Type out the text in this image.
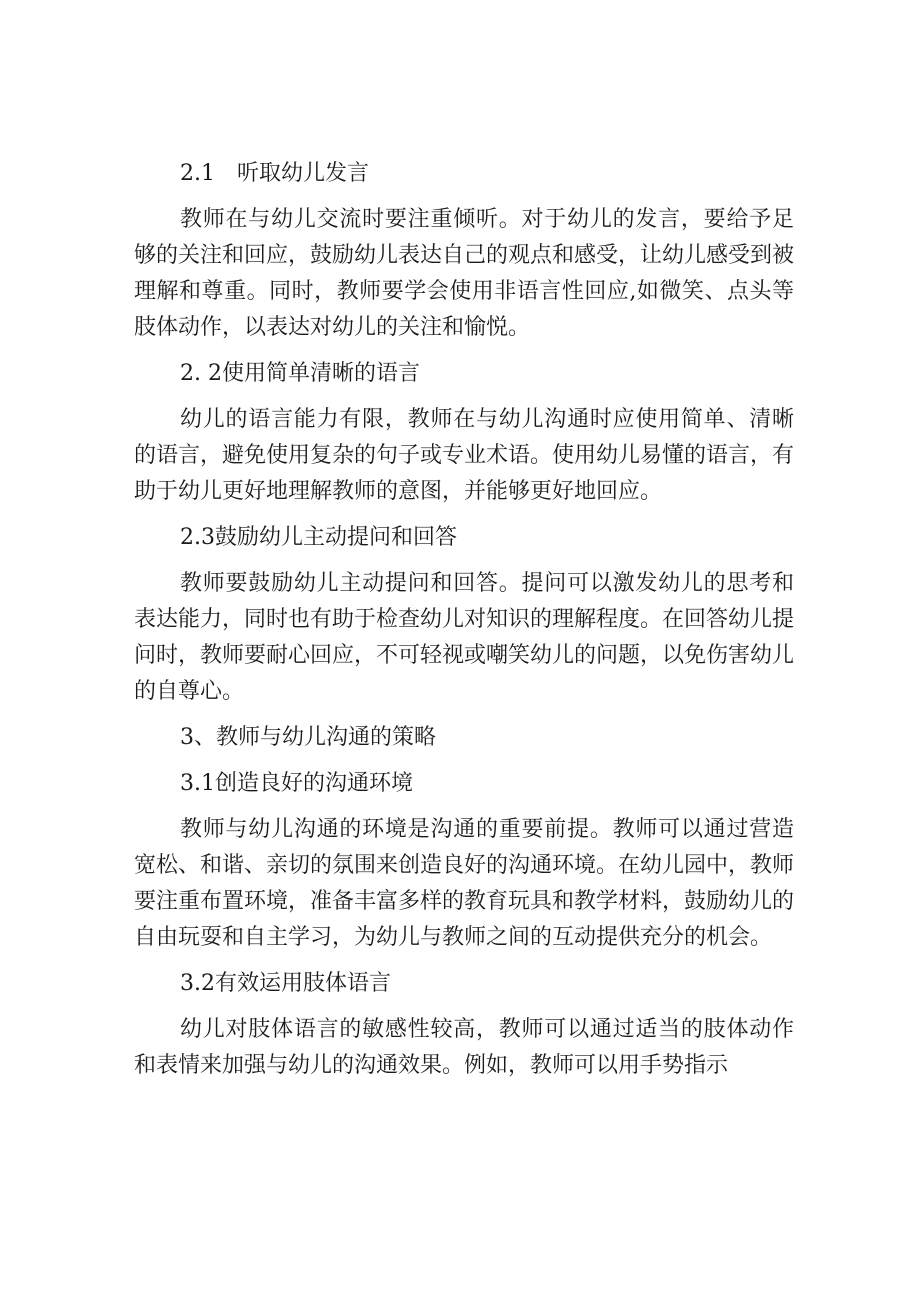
2.1　听取幼儿发言

教师在与幼儿交流时要注重倾听。对于幼儿的发言，要给予足够的关注和回应，鼓励幼儿表达自己的观点和感受，让幼儿感受到被理解和尊重。同时，教师要学会使用非语言性回应,如微笑、点头等肢体动作，以表达对幼儿的关注和愉悦。

2. 2使用简单清晰的语言

幼儿的语言能力有限，教师在与幼儿沟通时应使用简单、清晰的语言，避免使用复杂的句子或专业术语。使用幼儿易懂的语言，有助于幼儿更好地理解教师的意图，并能够更好地回应。

2.3鼓励幼儿主动提问和回答

教师要鼓励幼儿主动提问和回答。提问可以激发幼儿的思考和表达能力，同时也有助于检查幼儿对知识的理解程度。在回答幼儿提问时，教师要耐心回应，不可轻视或嘲笑幼儿的问题，以免伤害幼儿的自尊心。

3、教师与幼儿沟通的策略

3.1创造良好的沟通环境

教师与幼儿沟通的环境是沟通的重要前提。教师可以通过营造宽松、和谐、亲切的氛围来创造良好的沟通环境。在幼儿园中，教师要注重布置环境，准备丰富多样的教育玩具和教学材料，鼓励幼儿的自由玩耍和自主学习，为幼儿与教师之间的互动提供充分的机会。

3.2有效运用肢体语言

幼儿对肢体语言的敏感性较高，教师可以通过适当的肢体动作和表情来加强与幼儿的沟通效果。例如，教师可以用手势指示
